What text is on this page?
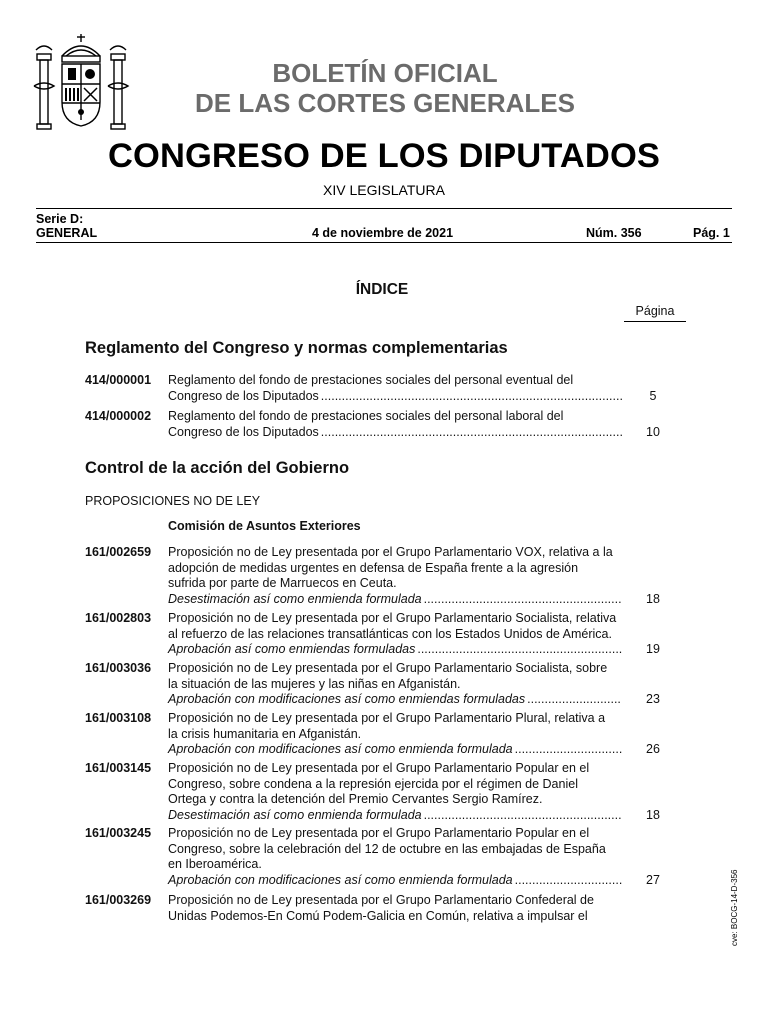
BOLETÍN OFICIAL
DE LAS CORTES GENERALES
CONGRESO DE LOS DIPUTADOS
XIV LEGISLATURA
Serie D:
GENERAL	4 de noviembre de 2021	Núm. 356	Pág. 1
ÍNDICE
Página
Reglamento del Congreso y normas complementarias
414/000001 Reglamento del fondo de prestaciones sociales del personal eventual del
Congreso de los Diputados .....	5
414/000002 Reglamento del fondo de prestaciones sociales del personal laboral del
Congreso de los Diputados .....	10
Control de la acción del Gobierno
PROPOSICIONES NO DE LEY
Comisión de Asuntos Exteriores
161/002659 Proposición no de Ley presentada por el Grupo Parlamentario VOX, relativa a la
adopción de medidas urgentes en defensa de España frente a la agresión
sufrida por parte de Marruecos en Ceuta.
Desestimación así como enmienda formulada
.....	18
161/002803 Proposición no de Ley presentada por el Grupo Parlamentario Socialista, relativa
al refuerzo de las relaciones transatlánticas con los Estados Unidos de América.
Aprobación así como enmiendas formuladas
.....	19
161/003036 Proposición no de Ley presentada por el Grupo Parlamentario Socialista, sobre
la situación de las mujeres y las niñas en Afganistán.
Aprobación con modificaciones así como enmiendas formuladas .....	23
161/003108 Proposición no de Ley presentada por el Grupo Parlamentario Plural, relativa a
la crisis humanitaria en Afganistán.
Aprobación con modificaciones así como enmienda formulada .....	26
161/003145 Proposición no de Ley presentada por el Grupo Parlamentario Popular en el
Congreso, sobre condena a la represión ejercida por el régimen de Daniel
Ortega y contra la detención del Premio Cervantes Sergio Ramírez.
Desestimación así como enmienda formulada .....	18
161/003245 Proposición no de Ley presentada por el Grupo Parlamentario Popular en el
Congreso, sobre la celebración del 12 de octubre en las embajadas de España
en Iberoamérica.
Aprobación con modificaciones así como enmienda formulada .....	27
161/003269 Proposición no de Ley presentada por el Grupo Parlamentario Confederal de
Unidas Podemos-En Comú Podem-Galicia en Común, relativa a impulsar el	cve: BOCG-14-D-356
